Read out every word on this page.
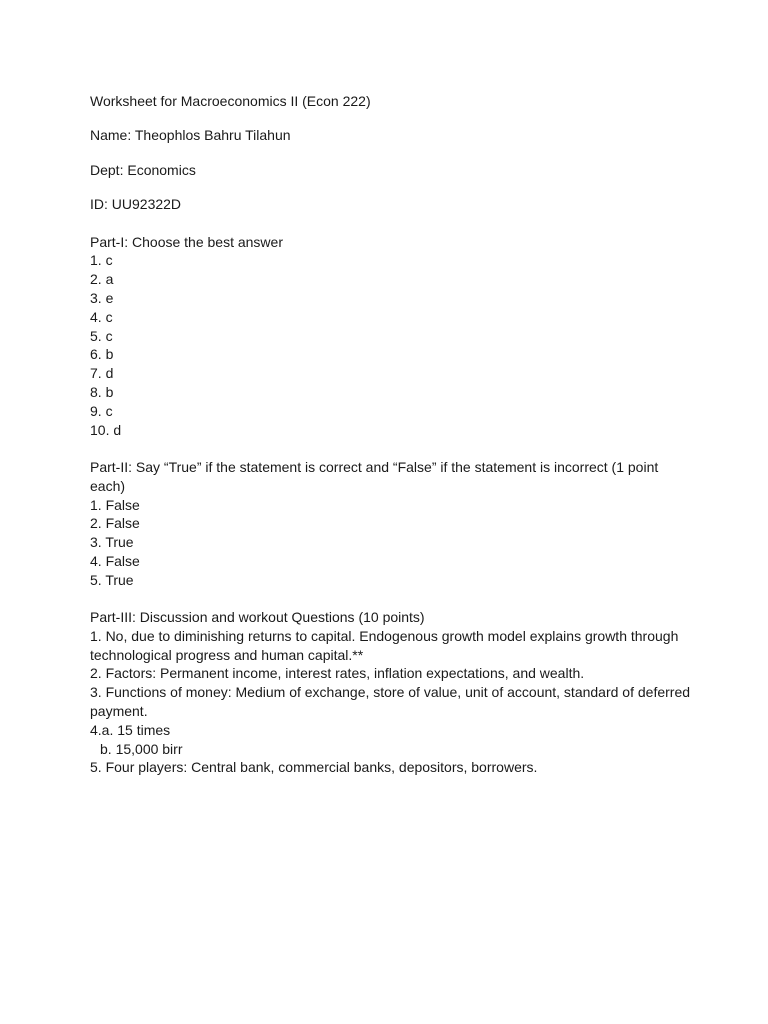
Worksheet for Macroeconomics II (Econ 222)

Name: Theophlos Bahru Tilahun

Dept: Economics

ID: UU92322D

Part-I: Choose the best answer

1. c

2. a

3. e

4. c

5. c

6. b

7. d

8. b

9. c

10. d

Part-II: Say “True” if the statement is correct and “False” if the statement is incorrect (1 point each)

1. False

2. False

3. True

4. False

5. True

Part-III: Discussion and workout Questions (10 points)

1. No, due to diminishing returns to capital. Endogenous growth model explains growth through technological progress and human capital.**

2. Factors: Permanent income, interest rates, inflation expectations, and wealth.

3. Functions of money: Medium of exchange, store of value, unit of account, standard of deferred payment.

4.a. 15 times

b. 15,000 birr

5. Four players: Central bank, commercial banks, depositors, borrowers.
